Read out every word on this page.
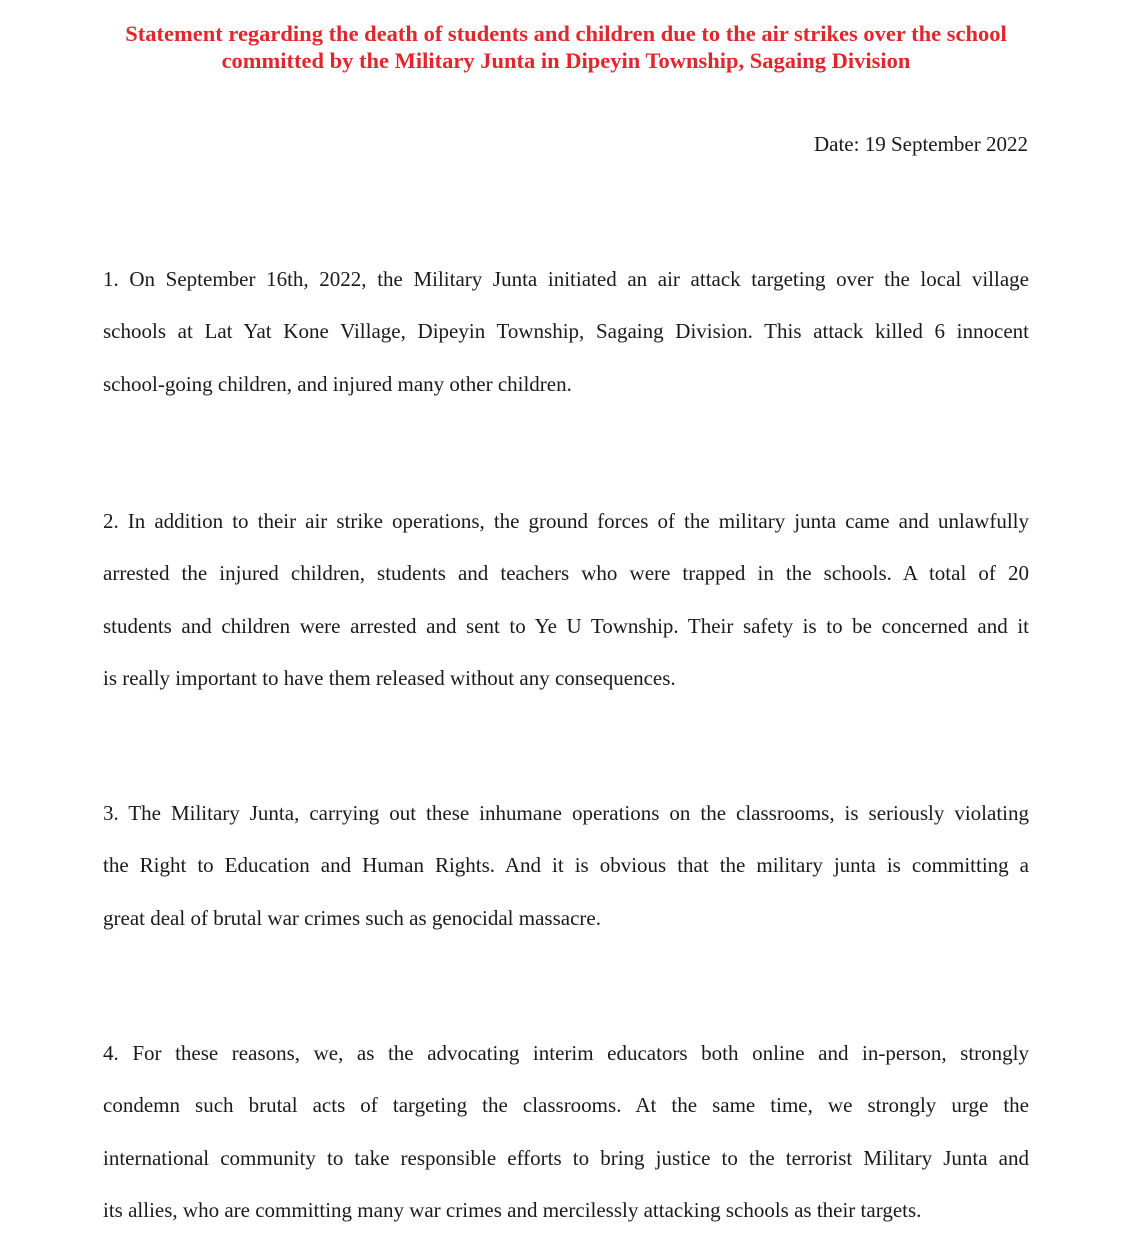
Statement regarding the death of students and children due to the air strikes over the school
committed by the Military Junta in Dipeyin Township, Sagaing Division
Date: 19 September 2022

1. On September 16th, 2022, the Military Junta initiated an air attack targeting over the local village
schools at Lat Yat Kone Village, Dipeyin Township, Sagaing Division. This attack killed 6 innocent
school-going children, and injured many other children.

2. In addition to their air strike operations, the ground forces of the military junta came and unlawfully
arrested the injured children, students and teachers who were trapped in the schools. A total of 20
students and children were arrested and sent to Ye U Township. Their safety is to be concerned and it
is really important to have them released without any consequences.

3. The Military Junta, carrying out these inhumane operations on the classrooms, is seriously violating
the Right to Education and Human Rights. And it is obvious that the military junta is committing a
great deal of brutal war crimes such as genocidal massacre.

4. For these reasons, we, as the advocating interim educators both online and in-person, strongly
condemn such brutal acts of targeting the classrooms. At the same time, we strongly urge the
international community to take responsible efforts to bring justice to the terrorist Military Junta and
its allies, who are committing many war crimes and mercilessly attacking schools as their targets.
